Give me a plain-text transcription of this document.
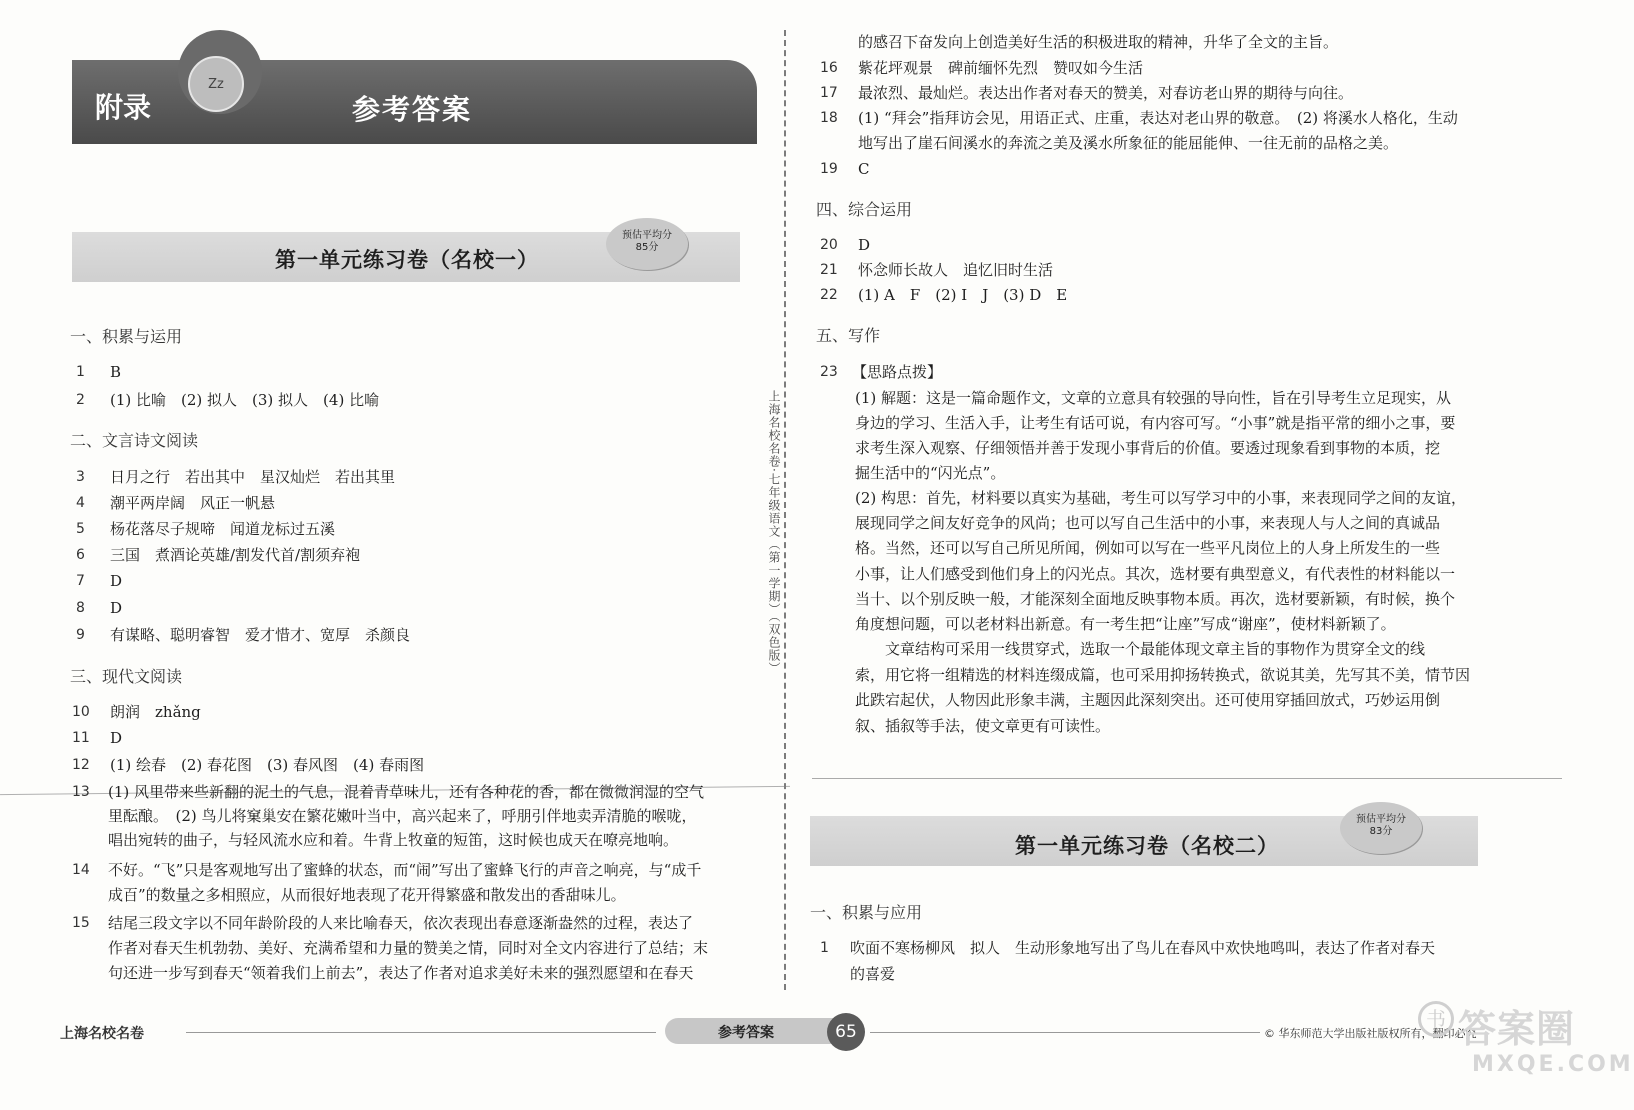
Zz
附录	参考答案
第一单元练习卷（名校一）
预估平均分
85分
一、积累与运用
1 B
2 (1) 比喻　(2) 拟人　(3) 拟人　(4) 比喻
二、文言诗文阅读
3 日月之行　若出其中　星汉灿烂　若出其里
4 潮平两岸阔　风正一帆悬
5 杨花落尽子规啼　闻道龙标过五溪
6 三国　煮酒论英雄/割发代首/割须弃袍
7 D
8 D
9 有谋略、聪明睿智　爱才惜才、宽厚　杀颜良
三、现代文阅读
10 朗润　zhǎng
11 D
12 (1) 绘春　(2) 春花图　(3) 春风图　(4) 春雨图
13 (1) 风里带来些新翻的泥土的气息，混着青草味儿，还有各种花的香，都在微微润湿的空气
里酝酿。　(2) 鸟儿将窠巢安在繁花嫩叶当中，高兴起来了，呼朋引伴地卖弄清脆的喉咙，
唱出宛转的曲子，与轻风流水应和着。牛背上牧童的短笛，这时候也成天在嘹亮地响。
14 不好。“飞”只是客观地写出了蜜蜂的状态，而“闹”写出了蜜蜂飞行的声音之响亮，与“成千
成百”的数量之多相照应，从而很好地表现了花开得繁盛和散发出的香甜味儿。
15 结尾三段文字以不同年龄阶段的人来比喻春天，依次表现出春意逐渐盎然的过程，表达了
作者对春天生机勃勃、美好、充满希望和力量的赞美之情，同时对全文内容进行了总结；末
句还进一步写到春天“领着我们上前去”，表达了作者对追求美好未来的强烈愿望和在春天
上海名校名卷·七年级语文（第一学期）（双色版）
的感召下奋发向上创造美好生活的积极进取的精神，升华了全文的主旨。
16 紫花坪观景　碑前缅怀先烈　赞叹如今生活
17 最浓烈、最灿烂。表达出作者对春天的赞美，对春访老山界的期待与向往。
18 (1) “拜会”指拜访会见，用语正式、庄重，表达对老山界的敬意。　(2) 将溪水人格化，生动
地写出了崖石间溪水的奔流之美及溪水所象征的能屈能伸、一往无前的品格之美。
19 C
四、综合运用
20 D
21 怀念师长故人　追忆旧时生活
22 (1) A　F　(2) I　J　(3) D　E
五、写作
23 【思路点拨】
(1) 解题：这是一篇命题作文，文章的立意具有较强的导向性，旨在引导考生立足现实，从
身边的学习、生活入手，让考生有话可说，有内容可写。“小事”就是指平常的细小之事，要
求考生深入观察、仔细领悟并善于发现小事背后的价值。要透过现象看到事物的本质，挖
掘生活中的“闪光点”。
(2) 构思：首先，材料要以真实为基础，考生可以写学习中的小事，来表现同学之间的友谊，
展现同学之间友好竞争的风尚；也可以写自己生活中的小事，来表现人与人之间的真诚品
格。当然，还可以写自己所见所闻，例如可以写在一些平凡岗位上的人身上所发生的一些
小事，让人们感受到他们身上的闪光点。其次，选材要有典型意义，有代表性的材料能以一
当十、以个别反映一般，才能深刻全面地反映事物本质。再次，选材要新颖，有时候，换个
角度想问题，可以老材料出新意。有一考生把“让座”写成“谢座”，使材料新颖了。
文章结构可采用一线贯穿式，选取一个最能体现文章主旨的事物作为贯穿全文的线
索，用它将一组精选的材料连缀成篇，也可采用抑扬转换式，欲说其美，先写其不美，情节因
此跌宕起伏，人物因此形象丰满，主题因此深刻突出。还可使用穿插回放式，巧妙运用倒
叙、插叙等手法，使文章更有可读性。
第一单元练习卷（名校二）
预估平均分
83分
一、积累与应用
1 吹面不寒杨柳风　拟人　生动形象地写出了鸟儿在春风中欢快地鸣叫，表达了作者对春天
的喜爱
上海名校名卷	参考答案	65	© 华东师范大学出版社版权所有，翻印必究
书 答案圈
MXQE.COM
